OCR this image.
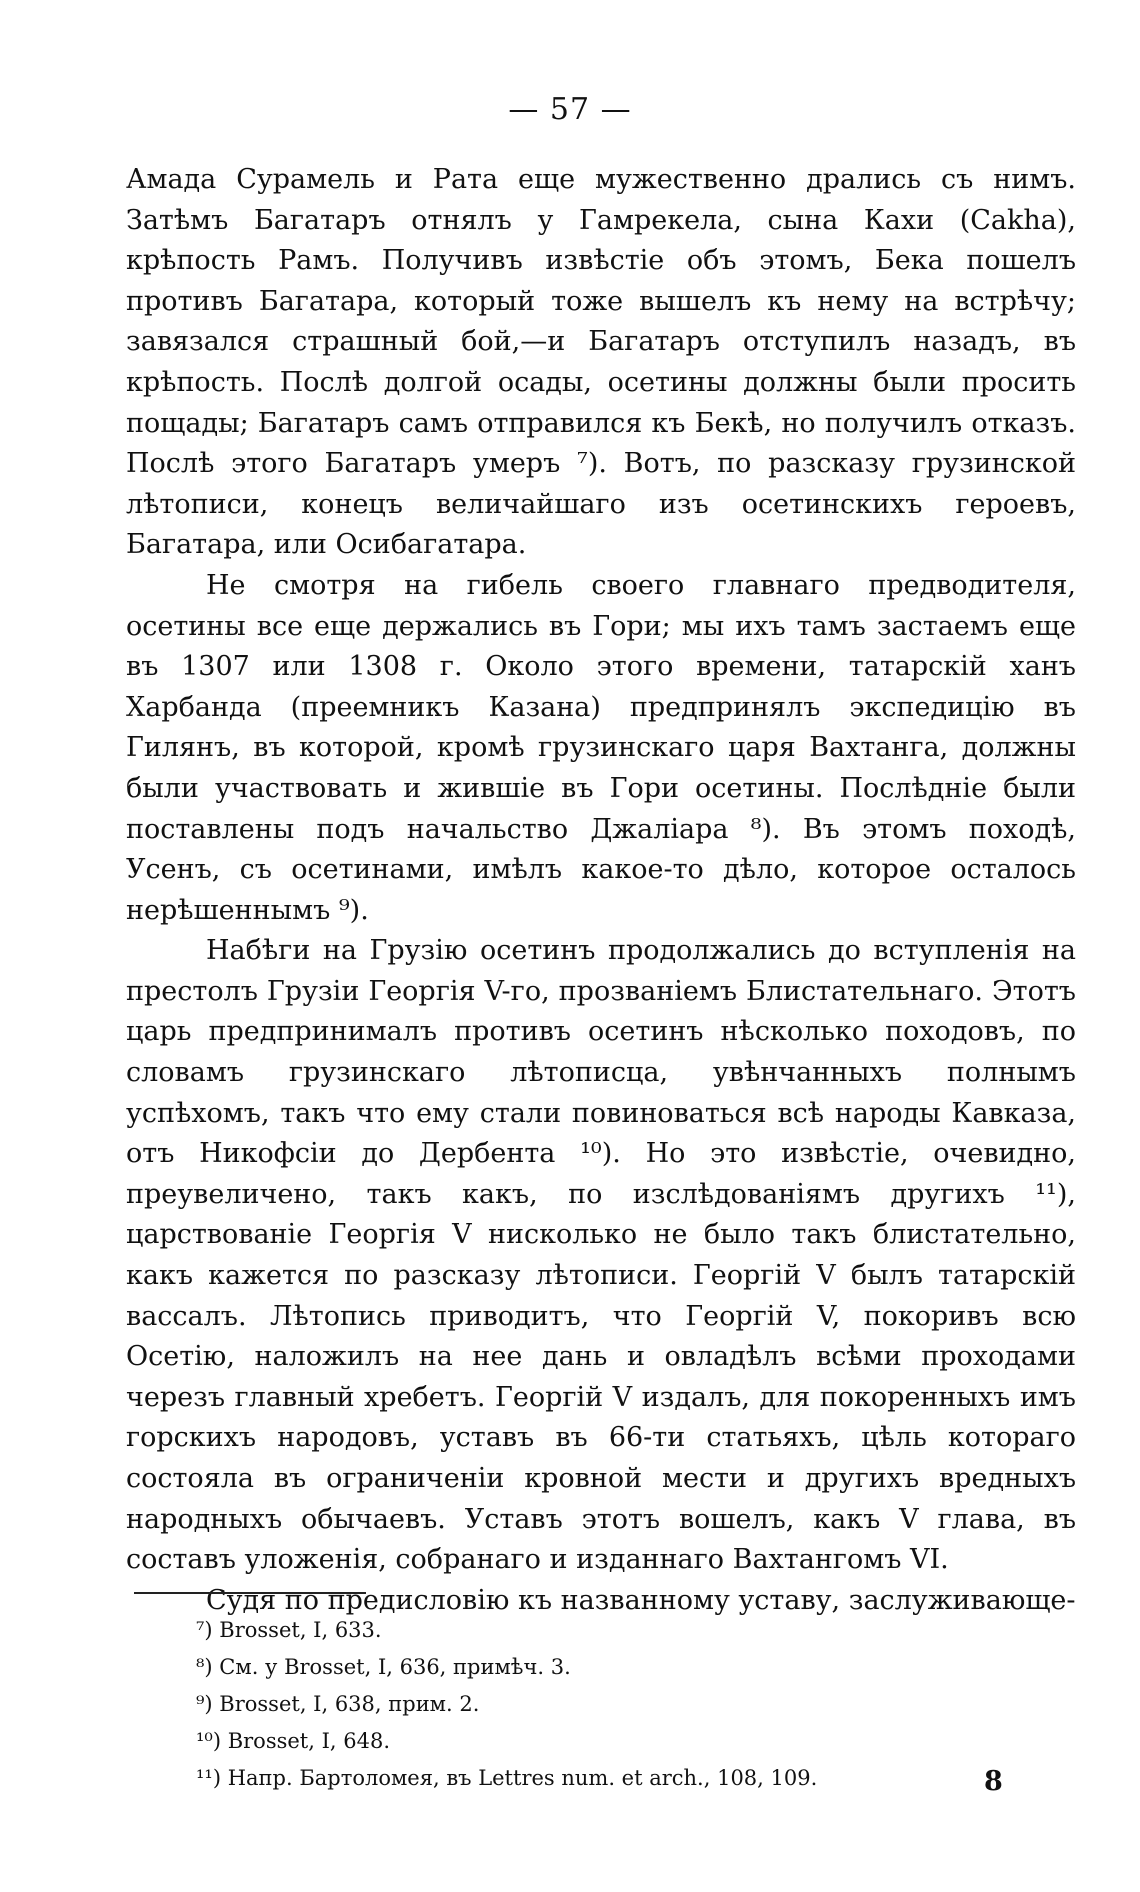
— 57 —

Амада Сурамель и Рата еще мужественно дрались съ нимъ. Затѣмъ Багатаръ отнялъ у Гамрекела, сына Кахи (Сakha), крѣпость Рамъ. Получивъ извѣстіе объ этомъ, Бека пошелъ противъ Багатара, который тоже вышелъ къ нему на встрѣчу; завязался страшный бой,—и Багатаръ отступилъ назадъ, въ крѣпость. Послѣ долгой осады, осетины должны были просить пощады; Багатаръ самъ отправился къ Бекѣ, но получилъ отказъ. Послѣ этого Багатаръ умеръ ⁷). Вотъ, по разсказу грузинской лѣтописи, конецъ величайшаго изъ осетинскихъ героевъ, Багатара, или Осибагатара.

Не смотря на гибель своего главнаго предводителя, осетины все еще держались въ Гори; мы ихъ тамъ застаемъ еще въ 1307 или 1308 г. Около этого времени, татарскій ханъ Харбанда (преемникъ Казана) предпринялъ экспедицію въ Гилянъ, въ которой, кромѣ грузинскаго царя Вахтанга, должны были участвовать и жившіе въ Гори осетины. Послѣдніе были поставлены подъ начальство Джаліара ⁸). Въ этомъ походѣ, Усенъ, съ осетинами, имѣлъ какое-то дѣло, которое осталось нерѣшеннымъ ⁹).

Набѣги на Грузію осетинъ продолжались до вступленія на престолъ Грузіи Георгія V-го, прозваніемъ Блистательнаго. Этотъ царь предпринималъ противъ осетинъ нѣсколько походовъ, по словамъ грузинскаго лѣтописца, увѣнчанныхъ полнымъ успѣхомъ, такъ что ему стали повиноваться всѣ народы Кавказа, отъ Никофсіи до Дербента ¹⁰). Но это извѣстіе, очевидно, преувеличено, такъ какъ, по изслѣдованіямъ другихъ ¹¹), царствованіе Георгія V нисколько не было такъ блистательно, какъ кажется по разсказу лѣтописи. Георгій V былъ татарскій вассалъ. Лѣтопись приводитъ, что Георгій V, покоривъ всю Осетію, наложилъ на нее дань и овладѣлъ всѣми проходами черезъ главный хребетъ. Георгій V издалъ, для покоренныхъ имъ горскихъ народовъ, уставъ въ 66-ти статьяхъ, цѣль котораго состояла въ ограниченіи кровной мести и другихъ вредныхъ народныхъ обычаевъ. Уставъ этотъ вошелъ, какъ V глава, въ составъ уложенія, собранаго и изданнаго Вахтангомъ VI.

Судя по предисловію къ названному уставу, заслуживающе-

⁷) Brosset, I, 633.
⁸) См. у Brosset, I, 636, примѣч. 3.
⁹) Brosset, I, 638, прим. 2.
¹⁰) Brosset, I, 648.
¹¹) Напр. Бартоломея, въ Lettres num. et arch., 108, 109.	8
